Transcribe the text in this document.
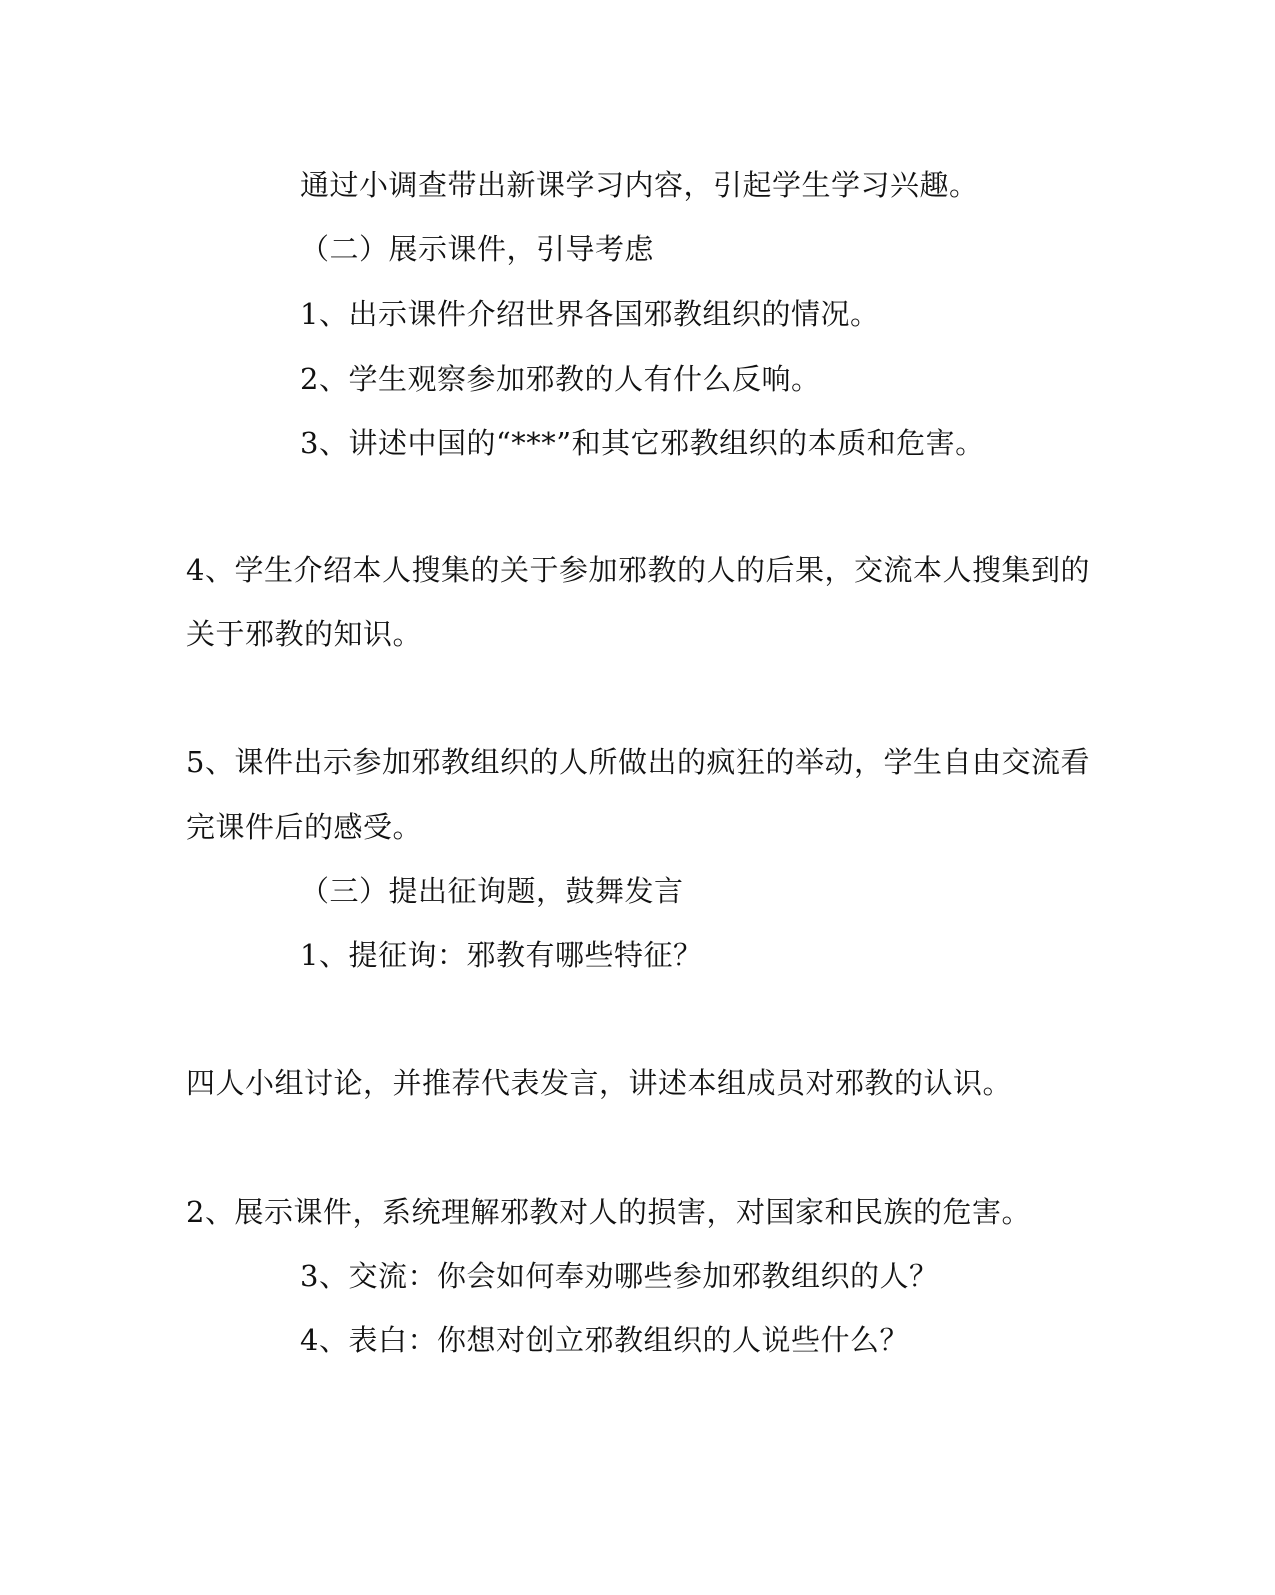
通过小调查带出新课学习内容，引起学生学习兴趣。
（二）展示课件，引导考虑
1、出示课件介绍世界各国邪教组织的情况。
2、学生观察参加邪教的人有什么反响。
3、讲述中国的“***”和其它邪教组织的本质和危害。
4、学生介绍本人搜集的关于参加邪教的人的后果，交流本人搜集到的
关于邪教的知识。
5、课件出示参加邪教组织的人所做出的疯狂的举动，学生自由交流看
完课件后的感受。
（三）提出征询题，鼓舞发言
1、提征询：邪教有哪些特征？
四人小组讨论，并推荐代表发言，讲述本组成员对邪教的认识。
2、展示课件，系统理解邪教对人的损害，对国家和民族的危害。
3、交流：你会如何奉劝哪些参加邪教组织的人？
4、表白：你想对创立邪教组织的人说些什么？
